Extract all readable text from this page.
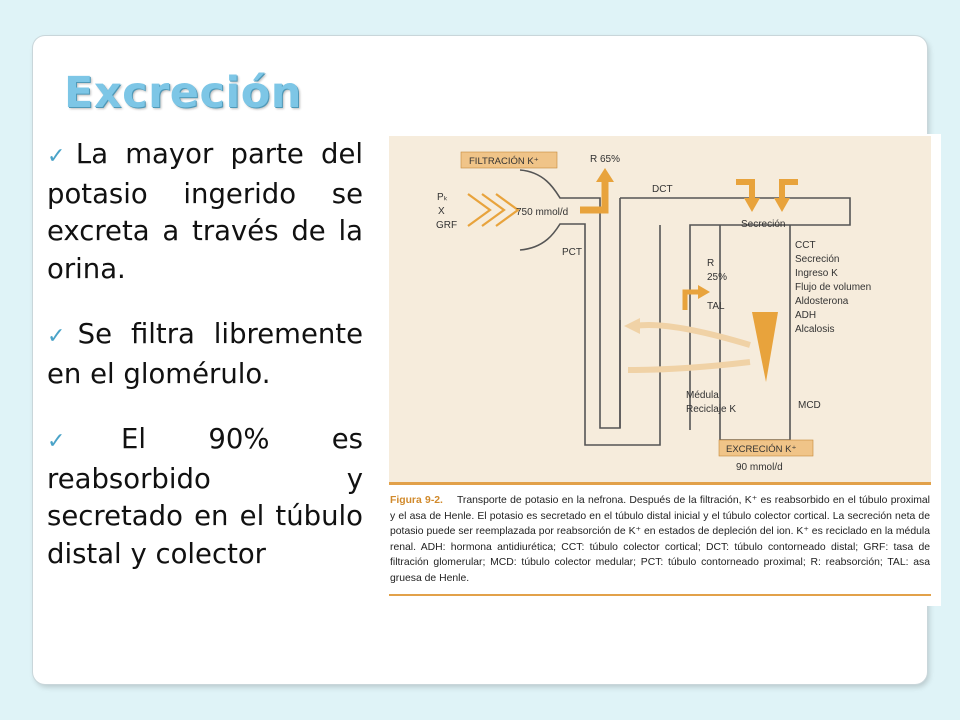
Excreción
✓La mayor parte del potasio ingerido se excreta a través de la orina.
✓Se filtra libremente en el glomérulo.
✓El 90% es reabsorbido y secretado en el túbulo distal y colector
FILTRACIÓN K⁺
Pₖ
X
GRF
750 mmol/d
R 65%
DCT
PCT
Secreción
R
25%
TAL
CCT
Secreción
Ingreso K
Flujo de volumen
Aldosterona
ADH
Alcalosis
Médula
Reciclaje K	MCD
EXCRECIÓN K⁺
90 mmol/d
Figura 9-2. Transporte de potasio en la nefrona. Después de la filtración, K⁺ es reabsorbido en el túbulo proximal y el asa de Henle. El potasio es secretado en el túbulo distal inicial y el túbulo colector cortical. La secreción neta de potasio puede ser reemplazada por reabsorción de K⁺ en estados de depleción del ion. K⁺ es reciclado en la médula renal. ADH: hormona antidiurética; CCT: túbulo colector cortical; DCT: túbulo contorneado distal; GRF: tasa de filtración glomerular; MCD: túbulo colector medular; PCT: túbulo contorneado proximal; R: reabsorción; TAL: asa gruesa de Henle.
